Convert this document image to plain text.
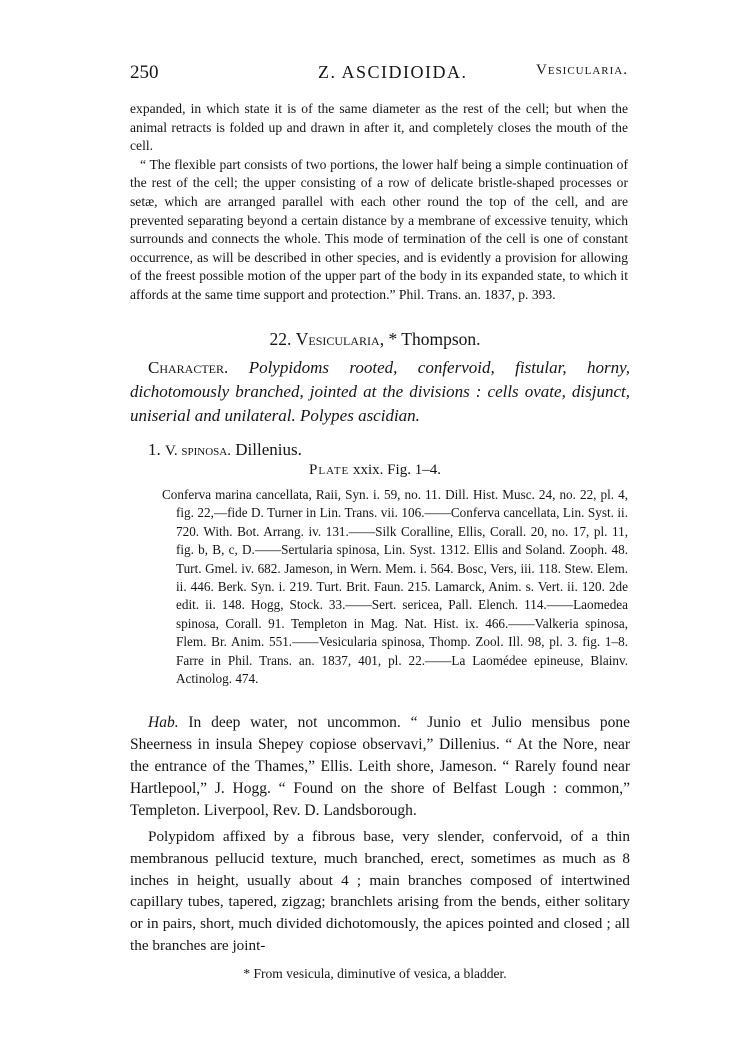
250	Z. ASCIDIOIDA.	Vesicularia.

expanded, in which state it is of the same diameter as the rest of the cell; but when the animal retracts is folded up and drawn in after it, and completely closes the mouth of the cell.

“ The flexible part consists of two portions, the lower half being a simple continuation of the rest of the cell; the upper consisting of a row of delicate bristle-shaped processes or setæ, which are arranged parallel with each other round the top of the cell, and are prevented separating beyond a certain distance by a membrane of excessive tenuity, which surrounds and connects the whole. This mode of termination of the cell is one of constant occurrence, as will be described in other species, and is evidently a provision for allowing of the freest possible motion of the upper part of the body in its expanded state, to which it affords at the same time support and protection.” Phil. Trans. an. 1837, p. 393.

22. Vesicularia, * Thompson.

Character. Polypidoms rooted, confervoid, fistular, horny, dichotomously branched, jointed at the divisions : cells ovate, disjunct, uniserial and unilateral. Polypes ascidian.

1. V. spinosa. Dillenius.
Plate xxix. Fig. 1–4.

Conferva marina cancellata, Raii, Syn. i. 59, no. 11. Dill. Hist. Musc. 24, no. 22, pl. 4, fig. 22,—fide D. Turner in Lin. Trans. vii. 106.——Conferva cancellata, Lin. Syst. ii. 720. With. Bot. Arrang. iv. 131.——Silk Coralline, Ellis, Corall. 20, no. 17, pl. 11, fig. b, B, c, D.——Sertularia spinosa, Lin. Syst. 1312. Ellis and Soland. Zooph. 48. Turt. Gmel. iv. 682. Jameson, in Wern. Mem. i. 564. Bosc, Vers, iii. 118. Stew. Elem. ii. 446. Berk. Syn. i. 219. Turt. Brit. Faun. 215. Lamarck, Anim. s. Vert. ii. 120. 2de edit. ii. 148. Hogg, Stock. 33.——Sert. sericea, Pall. Elench. 114.——Laomedea spinosa, Corall. 91. Templeton in Mag. Nat. Hist. ix. 466.——Valkeria spinosa, Flem. Br. Anim. 551.——Vesicularia spinosa, Thomp. Zool. Ill. 98, pl. 3. fig. 1–8. Farre in Phil. Trans. an. 1837, 401, pl. 22.——La Laomédee epineuse, Blainv. Actinolog. 474.

Hab. In deep water, not uncommon. “ Junio et Julio mensibus pone Sheerness in insula Shepey copiose observavi,” Dillenius. “ At the Nore, near the entrance of the Thames,” Ellis. Leith shore, Jameson. “ Rarely found near Hartlepool,” J. Hogg. “ Found on the shore of Belfast Lough : common,” Templeton. Liverpool, Rev. D. Landsborough.

Polypidom affixed by a fibrous base, very slender, confervoid, of a thin membranous pellucid texture, much branched, erect, sometimes as much as 8 inches in height, usually about 4 ; main branches composed of intertwined capillary tubes, tapered, zigzag; branchlets arising from the bends, either solitary or in pairs, short, much divided dichotomously, the apices pointed and closed ; all the branches are joint-

* From vesicula, diminutive of vesica, a bladder.
